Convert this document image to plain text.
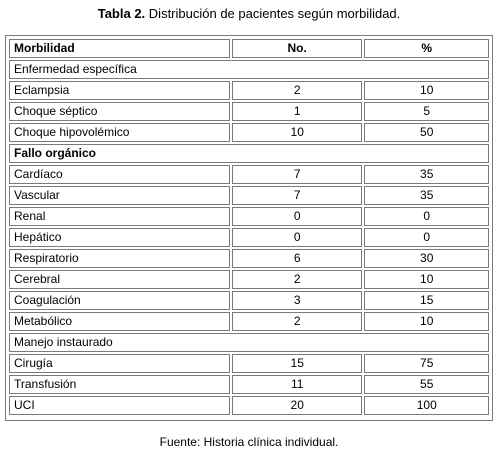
Tabla 2. Distribución de pacientes según morbilidad.
Morbilidad	No.	%
Enfermedad específica		
Eclampsia	2	10
Choque séptico	1	5
Choque hipovolémico	10	50
Fallo orgánico		
Cardíaco	7	35
Vascular	7	35
Renal	0	0
Hepático	0	0
Respiratorio	6	30
Cerebral	2	10
Coagulación	3	15
Metabólico	2	10
Manejo instaurado		
Cirugía	15	75
Transfusión	11	55
UCI	20	100
Fuente: Historia clínica individual.
